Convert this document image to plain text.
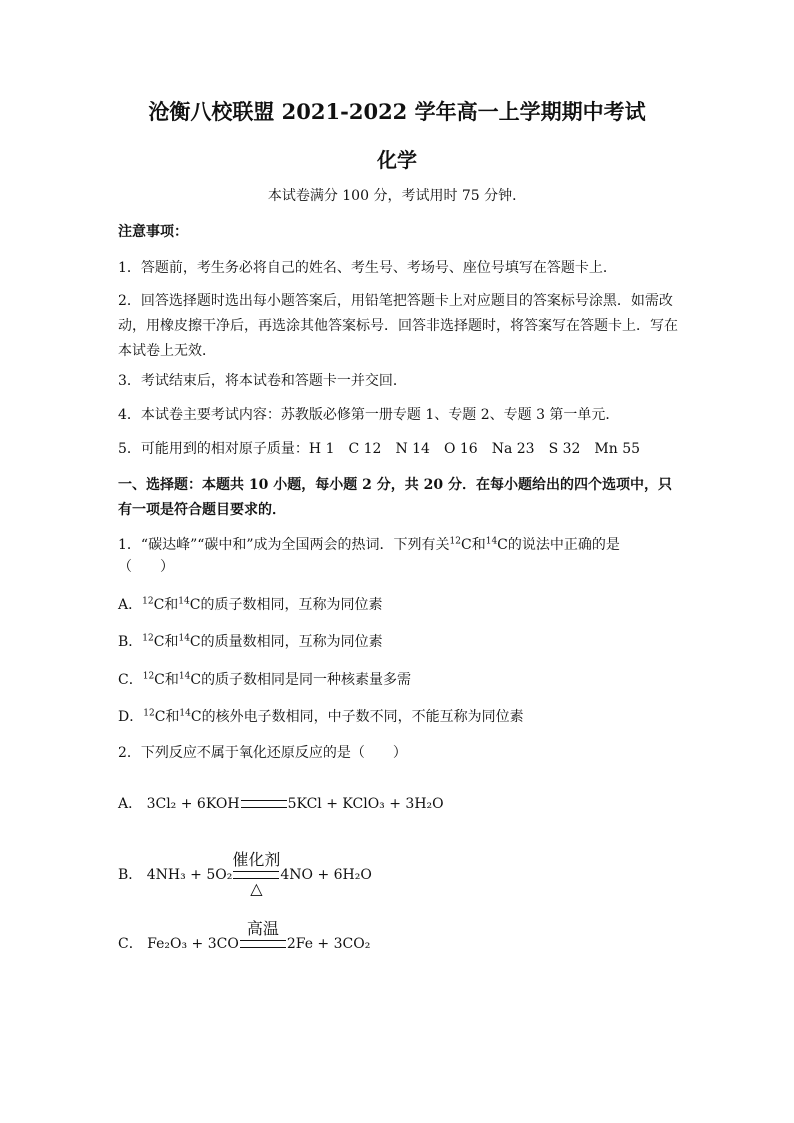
沧衡八校联盟 2021-2022 学年高一上学期期中考试
化学
本试卷满分 100 分，考试用时 75 分钟．
注意事项：
1．答题前，考生务必将自己的姓名、考生号、考场号、座位号填写在答题卡上．
2．回答选择题时选出每小题答案后，用铅笔把答题卡上对应题目的答案标号涂黑．如需改动，用橡皮擦干净后，再选涂其他答案标号．回答非选择题时，将答案写在答题卡上．写在本试卷上无效．
3．考试结束后，将本试卷和答题卡一并交回．
4．本试卷主要考试内容：苏教版必修第一册专题 1、专题 2、专题 3 第一单元．
5．可能用到的相对原子质量：H 1　C 12　N 14　O 16　Na 23　S 32　Mn 55
一、选择题：本题共 10 小题，每小题 2 分，共 20 分．在每小题给出的四个选项中，只有一项是符合题目要求的．
1．“碳达峰”“碳中和”成为全国两会的热词．下列有关$^{12}$C和$^{14}$C的说法中正确的是
（　　）
A．$^{12}$C和$^{14}$C的质子数相同，互称为同位素
B．$^{12}$C和$^{14}$C的质量数相同，互称为同位素
C．$^{12}$C和$^{14}$C的质子数相同是同一种核素量多需
D．$^{12}$C和$^{14}$C的核外电子数相同，中子数不同，不能互称为同位素
2．下列反应不属于氧化还原反应的是（　　）
A． 3Cl₂ + 6KOH	5KCl + KClO₃ + 3H₂O
B． 4NH₃ + 5O₂
催化剂
△
4NO + 6H₂O
C． Fe₂O₃ + 3CO
高温
2Fe + 3CO₂
